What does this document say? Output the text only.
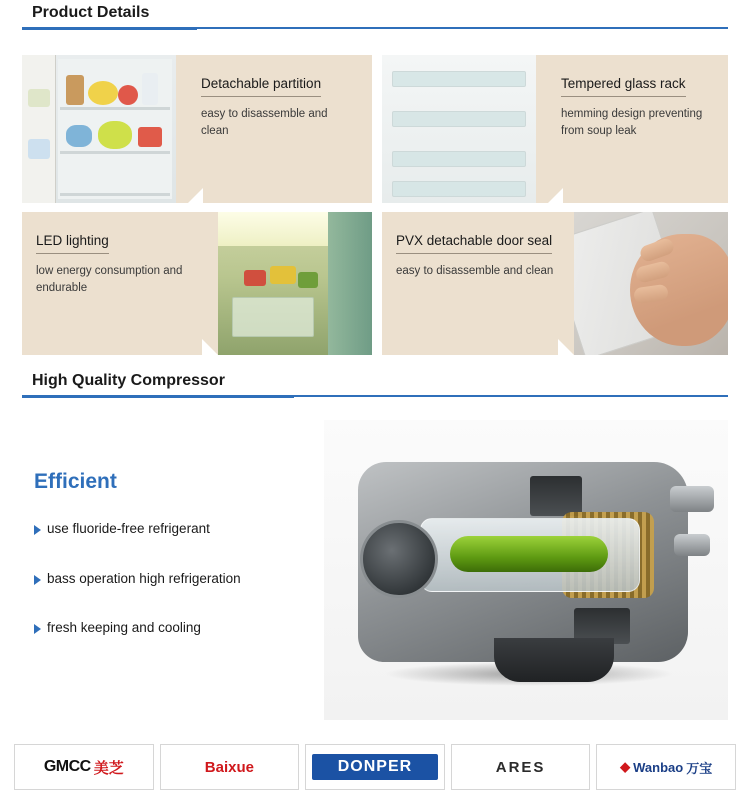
Product Details
Detachable partition

easy to disassemble and clean

Tempered glass rack

hemming design preventing from soup leak

LED lighting

low energy consumption and endurable

PVX detachable door seal

easy to disassemble and clean

High Quality Compressor
Efficient
use fluoride-free refrigerant
bass operation high refrigeration
fresh keeping and cooling
GMCC 美芝	Baixue	DONPER	ARES	◆ Wanbao 万宝
